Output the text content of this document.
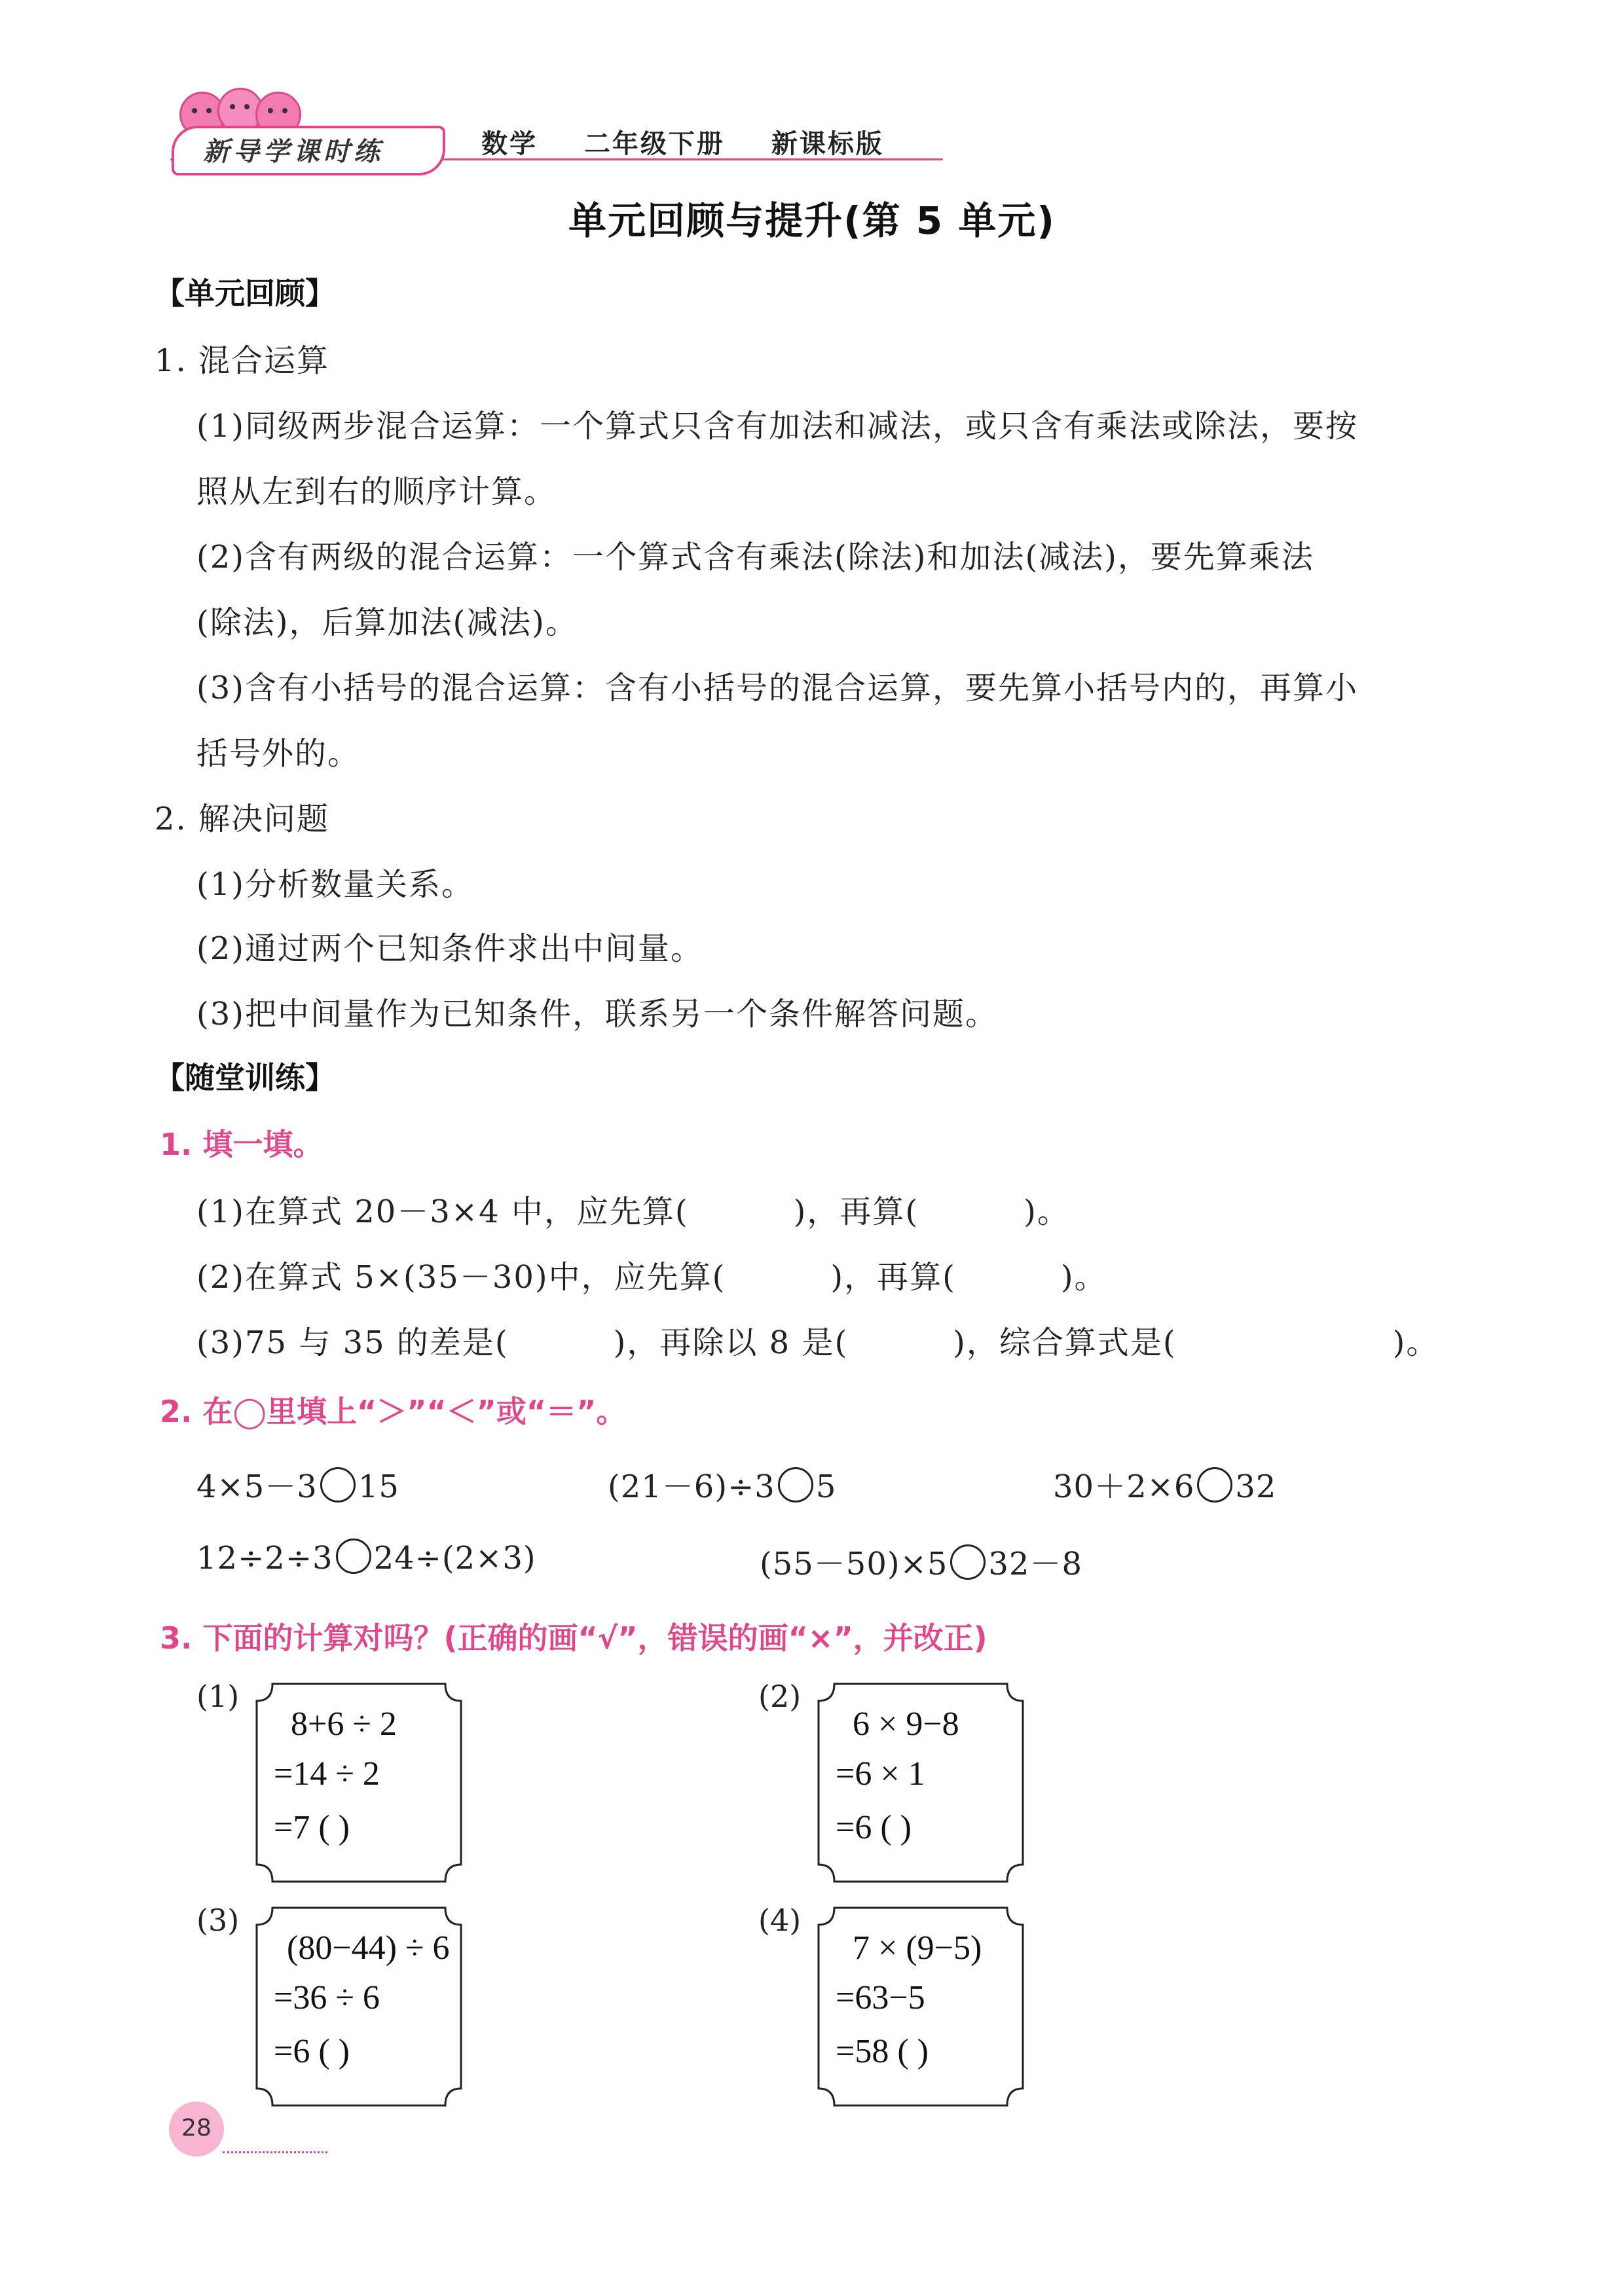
新导学课时练	数学 二年级下册 新课标版
单元回顾与提升(第 5 单元)
【单元回顾】
1. 混合运算
(1)同级两步混合运算：一个算式只含有加法和减法，或只含有乘法或除法，要按
照从左到右的顺序计算。
(2)含有两级的混合运算：一个算式含有乘法(除法)和加法(减法)，要先算乘法
(除法)，后算加法(减法)。
(3)含有小括号的混合运算：含有小括号的混合运算，要先算小括号内的，再算小
括号外的。
2. 解决问题
(1)分析数量关系。
(2)通过两个已知条件求出中间量。
(3)把中间量作为已知条件，联系另一个条件解答问题。
【随堂训练】
1. 填一填。
(1)在算式 20－3×4 中，应先算(	)，再算(	)。
(2)在算式 5×(35－30)中，应先算(	)，再算(	)。
(3)75 与 35 的差是(	)，再除以 8 是(	)，综合算式是(	)。
2. 在◯里填上“＞”“＜”或“＝”。
4×5－3 15	(21－6)÷3 5	30＋2×6 32
12÷2÷3 24÷(2×3)	(55－50)×5 32－8
3. 下面的计算对吗？(正确的画“√”，错误的画“×”，并改正)
(1)
8+6 ÷ 2
=14 ÷ 2
=7 ( )
(2)
6 × 9−8
=6 × 1
=6 ( )
(3)
(80−44) ÷ 6
=36 ÷ 6
=6 ( )
(4)
7 × (9−5)
=63−5
=58 ( )
28
